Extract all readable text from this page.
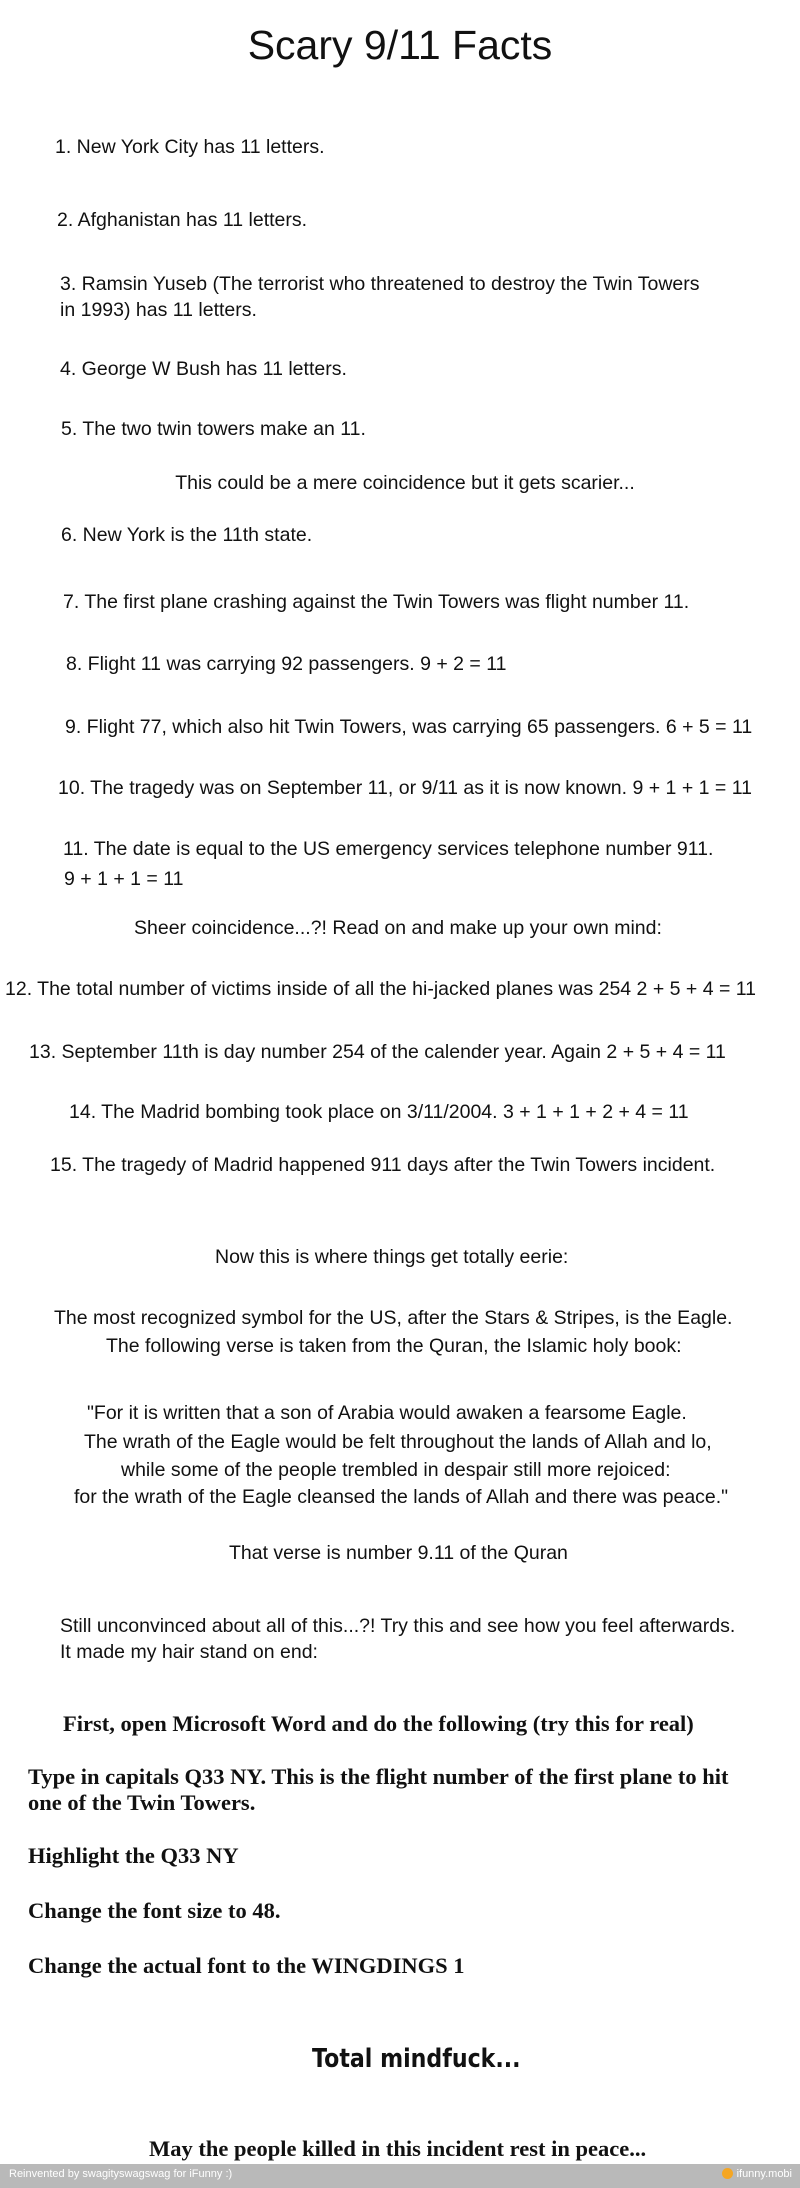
Scary 9/11 Facts
1. New York City has 11 letters.
2. Afghanistan has 11 letters.
3. Ramsin Yuseb (The terrorist who threatened to destroy the Twin Towers
in 1993) has 11 letters.
4. George W Bush has 11 letters.
5. The two twin towers make an 11.
This could be a mere coincidence but it gets scarier...
6. New York is the 11th state.
7. The first plane crashing against the Twin Towers was flight number 11.
8. Flight 11 was carrying 92 passengers. 9 + 2 = 11
9. Flight 77, which also hit Twin Towers, was carrying 65 passengers. 6 + 5 = 11
10. The tragedy was on September 11, or 9/11 as it is now known. 9 + 1 + 1 = 11
11. The date is equal to the US emergency services telephone number 911.
9 + 1 + 1 = 11
Sheer coincidence...?! Read on and make up your own mind:
12. The total number of victims inside of all the hi-jacked planes was 254 2 + 5 + 4 = 11
13. September 11th is day number 254 of the calender year. Again 2 + 5 + 4 = 11
14. The Madrid bombing took place on 3/11/2004. 3 + 1 + 1 + 2 + 4 = 11
15. The tragedy of Madrid happened 911 days after the Twin Towers incident.
Now this is where things get totally eerie:
The most recognized symbol for the US, after the Stars & Stripes, is the Eagle.
The following verse is taken from the Quran, the Islamic holy book:
"For it is written that a son of Arabia would awaken a fearsome Eagle.
The wrath of the Eagle would be felt throughout the lands of Allah and lo,
while some of the people trembled in despair still more rejoiced:
for the wrath of the Eagle cleansed the lands of Allah and there was peace."
That verse is number 9.11 of the Quran
Still unconvinced about all of this...?! Try this and see how you feel afterwards.
It made my hair stand on end:
First, open Microsoft Word and do the following (try this for real)
Type in capitals Q33 NY. This is the flight number of the first plane to hit
one of the Twin Towers.
Highlight the Q33 NY
Change the font size to 48.
Change the actual font to the WINGDINGS 1
Total mindfuck...
May the people killed in this incident rest in peace...
Reinvented by swagityswagswag for iFunny :)	ifunny.mobi
